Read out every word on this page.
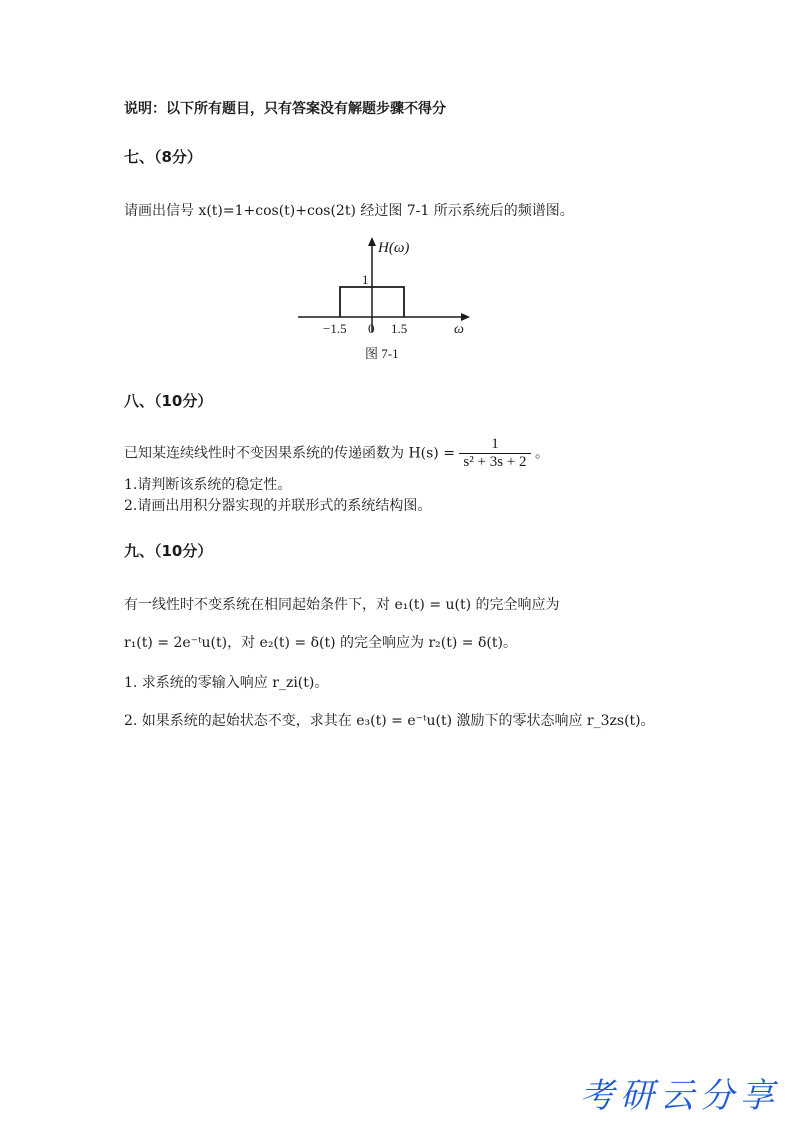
说明：以下所有题目，只有答案没有解题步骤不得分
七、（8分）
请画出信号 x(t)=1+cos(t)+cos(2t) 经过图 7-1 所示系统后的频谱图。
H(ω)
1
−1.5 0 1.5	ω
图 7-1
八、（10分）
已知某连续线性时不变因果系统的传递函数为 $H(s) = \frac{1}{\text{s² + 3s + 2}}$ 。
1.请判断该系统的稳定性。
2.请画出用积分器实现的并联形式的系统结构图。
九、（10分）
有一线性时不变系统在相同起始条件下，对 e₁(t) = u(t) 的完全响应为
r₁(t) = 2e⁻ᵗu(t)，对 e₂(t) = δ(t) 的完全响应为 r₂(t) = δ(t)。
1. 求系统的零输入响应 r_zi(t)。
2. 如果系统的起始状态不变，求其在 e₃(t) = e⁻ᵗu(t) 激励下的零状态响应 r_3zs(t)。
考研云分享
